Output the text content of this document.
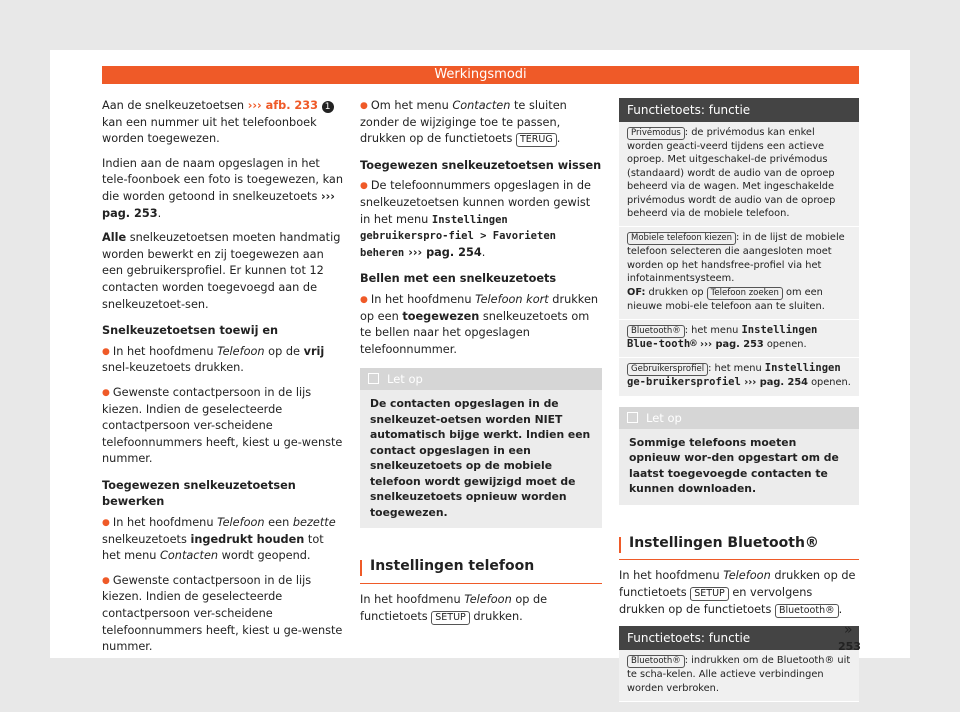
Werkingsmodi

Aan de snelkeuzetoetsen ››› afb. 233 1 kan een nummer uit het telefoonboek worden toegewezen.

Indien aan de naam opgeslagen in het tele-foonboek een foto is toegewezen, kan die worden getoond in snelkeuzetoets ››› pag. 253.

Alle snelkeuzetoetsen moeten handmatig worden bewerkt en zij toegewezen aan een gebruikersprofiel. Er kunnen tot 12 contacten worden toegevoegd aan de snelkeuzetoet-sen.

Snelkeuzetoetsen toewij en

● In het hoofdmenu Telefoon op de vrij snel-keuzetoets drukken.

● Gewenste contactpersoon in de lijs kiezen. Indien de geselecteerde contactpersoon ver-scheidene telefoonnummers heeft, kiest u ge-wenste nummer.

Toegewezen snelkeuzetoetsen bewerken

● In het hoofdmenu Telefoon een bezette snelkeuzetoets ingedrukt houden tot het menu Contacten wordt geopend.

● Gewenste contactpersoon in de lijs kiezen. Indien de geselecteerde contactpersoon ver-scheidene telefoonnummers heeft, kiest u ge-wenste nummer.

● Om het menu Contacten te sluiten zonder de wijziginge toe te passen, drukken op de functietoets TERUG .

Toegewezen snelkeuzetoetsen wissen

● De telefoonnummers opgeslagen in de snelkeuzetoetsen kunnen worden gewist in het menu Instellingen gebruikerspro-fiel > Favorieten beheren ››› pag. 254.

Bellen met een snelkeuzetoets

● In het hoofdmenu Telefoon kort drukken op een toegewezen snelkeuzetoets om te bellen naar het opgeslagen telefoonnummer.

Let op
De contacten opgeslagen in de snelkeuzet-oetsen worden NIET automatisch bijge werkt. Indien een contact opgeslagen in een snelkeuzetoets op de mobiele telefoon wordt gewijzigd moet de snelkeuzetoets opnieuw worden toegewezen.
Instellingen telefoon

In het hoofdmenu Telefoon op de functietoets SETUP drukken.

Functietoets: functie
Privémodus : de privémodus kan enkel worden geacti-veerd tijdens een actieve oproep. Met uitgeschakel-de privémodus (standaard) wordt de audio van de oproep beheerd via de wagen. Met ingeschakelde privémodus wordt de audio van de oproep beheerd via de mobiele telefoon.
Mobiele telefoon kiezen : in de lijst de mobiele telefoon selecteren die aangesloten moet worden op het handsfree-profiel via het infotainmentsysteem.
OF: drukken op Telefoon zoeken om een nieuwe mobi-ele telefoon aan te sluiten.
Bluetooth® : het menu Instellingen Blue-tooth® ››› pag. 253 openen.
Gebruikersprofiel : het menu Instellingen ge-bruikersprofiel ››› pag. 254 openen.
Let op
Sommige telefoons moeten opnieuw wor-den opgestart om de laatst toegevoegde contacten te kunnen downloaden.
Instellingen Bluetooth®

In het hoofdmenu Telefoon drukken op de functietoets SETUP en vervolgens drukken op de functietoets Bluetooth® .

Functietoets: functie
Bluetooth® : indrukken om de Bluetooth® uit te scha-kelen. Alle actieve verbindingen worden verbroken.
»
253
